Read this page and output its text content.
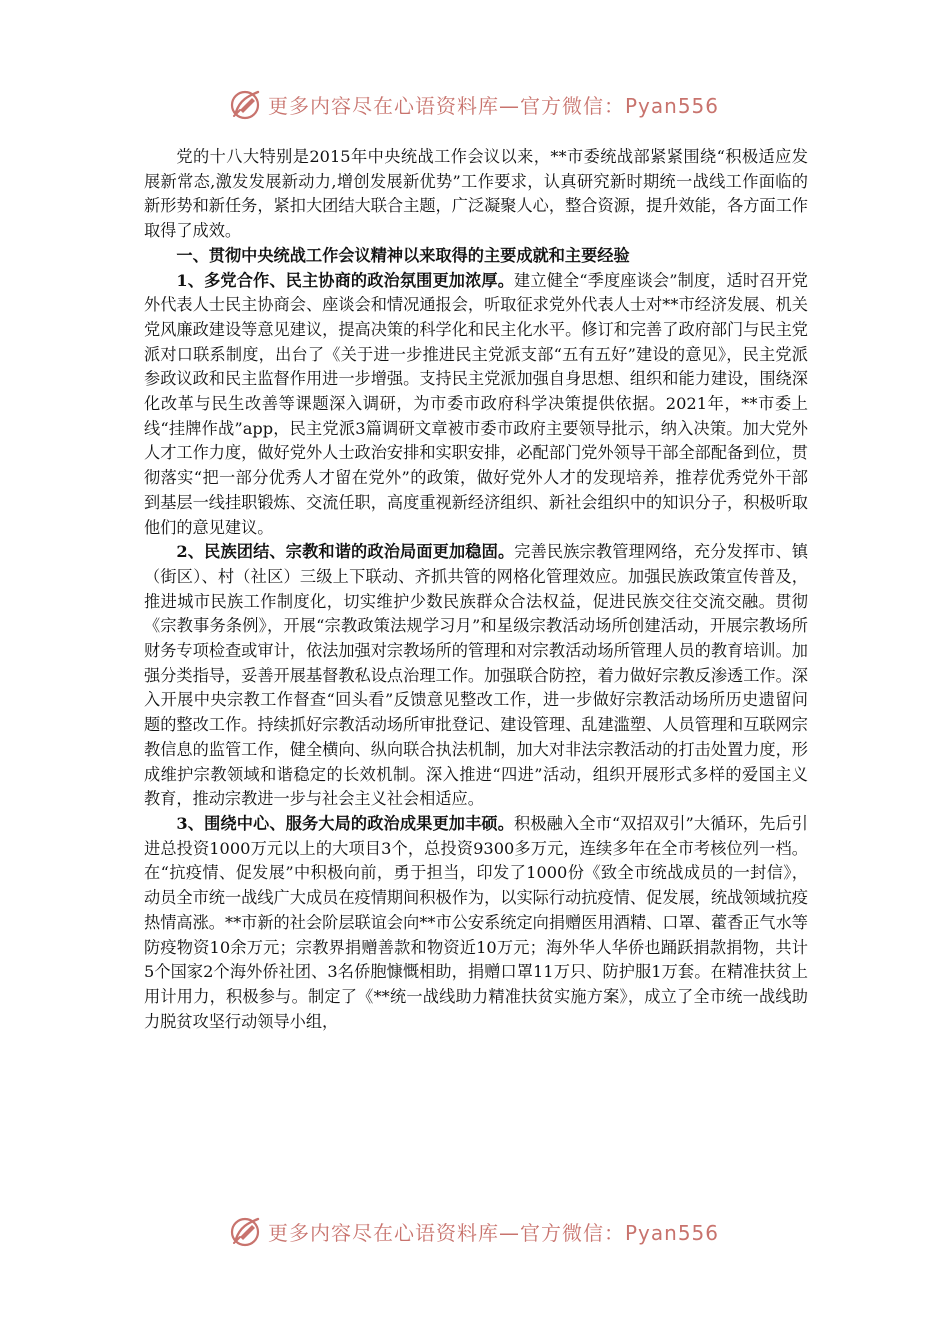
更多内容尽在心语资料库—官方微信：Pyan556

党的十八大特别是2015年中央统战工作会议以来，**市委统战部紧紧围绕“积极适应发展新常态,激发发展新动力,增创发展新优势”工作要求，认真研究新时期统一战线工作面临的新形势和新任务，紧扣大团结大联合主题，广泛凝聚人心，整合资源，提升效能，各方面工作取得了成效。

一、贯彻中央统战工作会议精神以来取得的主要成就和主要经验

1、多党合作、民主协商的政治氛围更加浓厚。建立健全“季度座谈会”制度，适时召开党外代表人士民主协商会、座谈会和情况通报会，听取征求党外代表人士对**市经济发展、机关党风廉政建设等意见建议，提高决策的科学化和民主化水平。修订和完善了政府部门与民主党派对口联系制度，出台了《关于进一步推进民主党派支部“五有五好”建设的意见》，民主党派参政议政和民主监督作用进一步增强。支持民主党派加强自身思想、组织和能力建设，围绕深化改革与民生改善等课题深入调研，为市委市政府科学决策提供依据。2021年，**市委上线“挂牌作战”app，民主党派3篇调研文章被市委市政府主要领导批示，纳入决策。加大党外人才工作力度，做好党外人士政治安排和实职安排，必配部门党外领导干部全部配备到位，贯彻落实“把一部分优秀人才留在党外”的政策，做好党外人才的发现培养，推荐优秀党外干部到基层一线挂职锻炼、交流任职，高度重视新经济组织、新社会组织中的知识分子，积极听取他们的意见建议。

2、民族团结、宗教和谐的政治局面更加稳固。完善民族宗教管理网络，充分发挥市、镇（街区）、村（社区）三级上下联动、齐抓共管的网格化管理效应。加强民族政策宣传普及，推进城市民族工作制度化，切实维护少数民族群众合法权益，促进民族交往交流交融。贯彻《宗教事务条例》，开展“宗教政策法规学习月”和星级宗教活动场所创建活动，开展宗教场所财务专项检查或审计，依法加强对宗教场所的管理和对宗教活动场所管理人员的教育培训。加强分类指导，妥善开展基督教私设点治理工作。加强联合防控，着力做好宗教反渗透工作。深入开展中央宗教工作督查“回头看”反馈意见整改工作，进一步做好宗教活动场所历史遗留问题的整改工作。持续抓好宗教活动场所审批登记、建设管理、乱建滥塑、人员管理和互联网宗教信息的监管工作，健全横向、纵向联合执法机制，加大对非法宗教活动的打击处置力度，形成维护宗教领域和谐稳定的长效机制。深入推进“四进”活动，组织开展形式多样的爱国主义教育，推动宗教进一步与社会主义社会相适应。

3、围绕中心、服务大局的政治成果更加丰硕。积极融入全市“双招双引”大循环，先后引进总投资1000万元以上的大项目3个，总投资9300多万元，连续多年在全市考核位列一档。在“抗疫情、促发展”中积极向前，勇于担当，印发了1000份《致全市统战成员的一封信》，动员全市统一战线广大成员在疫情期间积极作为，以实际行动抗疫情、促发展，统战领域抗疫热情高涨。**市新的社会阶层联谊会向**市公安系统定向捐赠医用酒精、口罩、藿香正气水等防疫物资10余万元；宗教界捐赠善款和物资近10万元；海外华人华侨也踊跃捐款捐物，共计5个国家2个海外侨社团、3名侨胞慷慨相助，捐赠口罩11万只、防护服1万套。在精准扶贫上用计用力，积极参与。制定了《**统一战线助力精准扶贫实施方案》，成立了全市统一战线助力脱贫攻坚行动领导小组，

更多内容尽在心语资料库—官方微信：Pyan556
